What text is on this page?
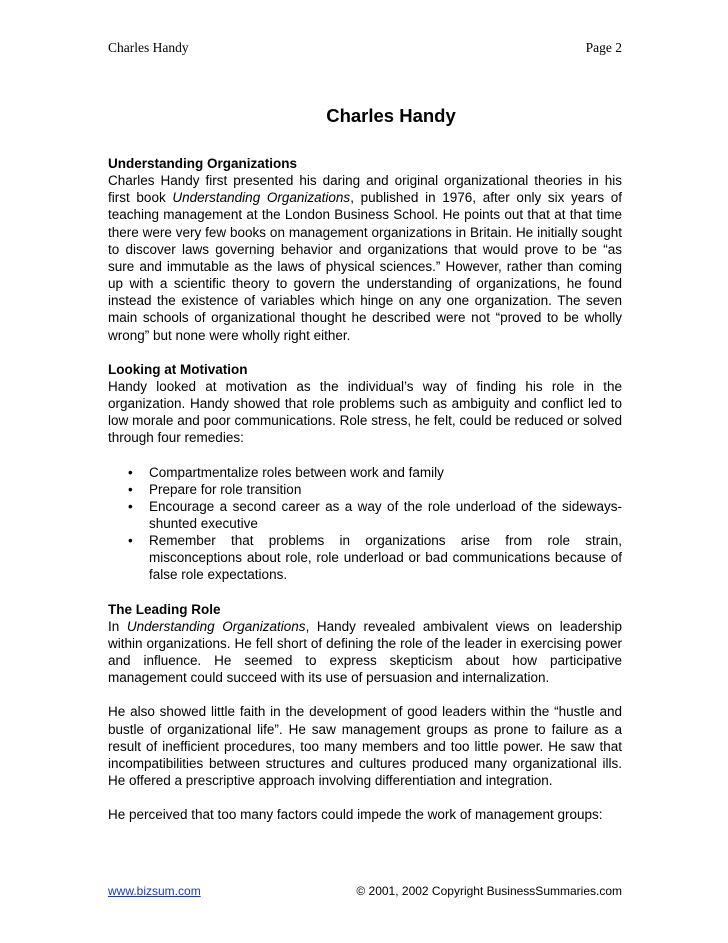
Charles Handy	Page 2
Charles Handy
Understanding Organizations

Charles Handy first presented his daring and original organizational theories in his first book Understanding Organizations, published in 1976, after only six years of teaching management at the London Business School. He points out that at that time there were very few books on management organizations in Britain. He initially sought to discover laws governing behavior and organizations that would prove to be “as sure and immutable as the laws of physical sciences.” However, rather than coming up with a scientific theory to govern the understanding of organizations, he found instead the existence of variables which hinge on any one organization. The seven main schools of organizational thought he described were not “proved to be wholly wrong” but none were wholly right either.

Looking at Motivation

Handy looked at motivation as the individual’s way of finding his role in the organization. Handy showed that role problems such as ambiguity and conflict led to low morale and poor communications. Role stress, he felt, could be reduced or solved through four remedies:

• Compartmentalize roles between work and family
• Prepare for role transition
• Encourage a second career as a way of the role underload of the sideways-shunted executive
• Remember that problems in organizations arise from role strain, misconceptions about role, role underload or bad communications because of false role expectations.
The Leading Role

In Understanding Organizations, Handy revealed ambivalent views on leadership within organizations. He fell short of defining the role of the leader in exercising power and influence. He seemed to express skepticism about how participative management could succeed with its use of persuasion and internalization.

He also showed little faith in the development of good leaders within the “hustle and bustle of organizational life”. He saw management groups as prone to failure as a result of inefficient procedures, too many members and too little power. He saw that incompatibilities between structures and cultures produced many organizational ills. He offered a prescriptive approach involving differentiation and integration.

He perceived that too many factors could impede the work of management groups:

www.bizsum.com	© 2001, 2002 Copyright BusinessSummaries.com
